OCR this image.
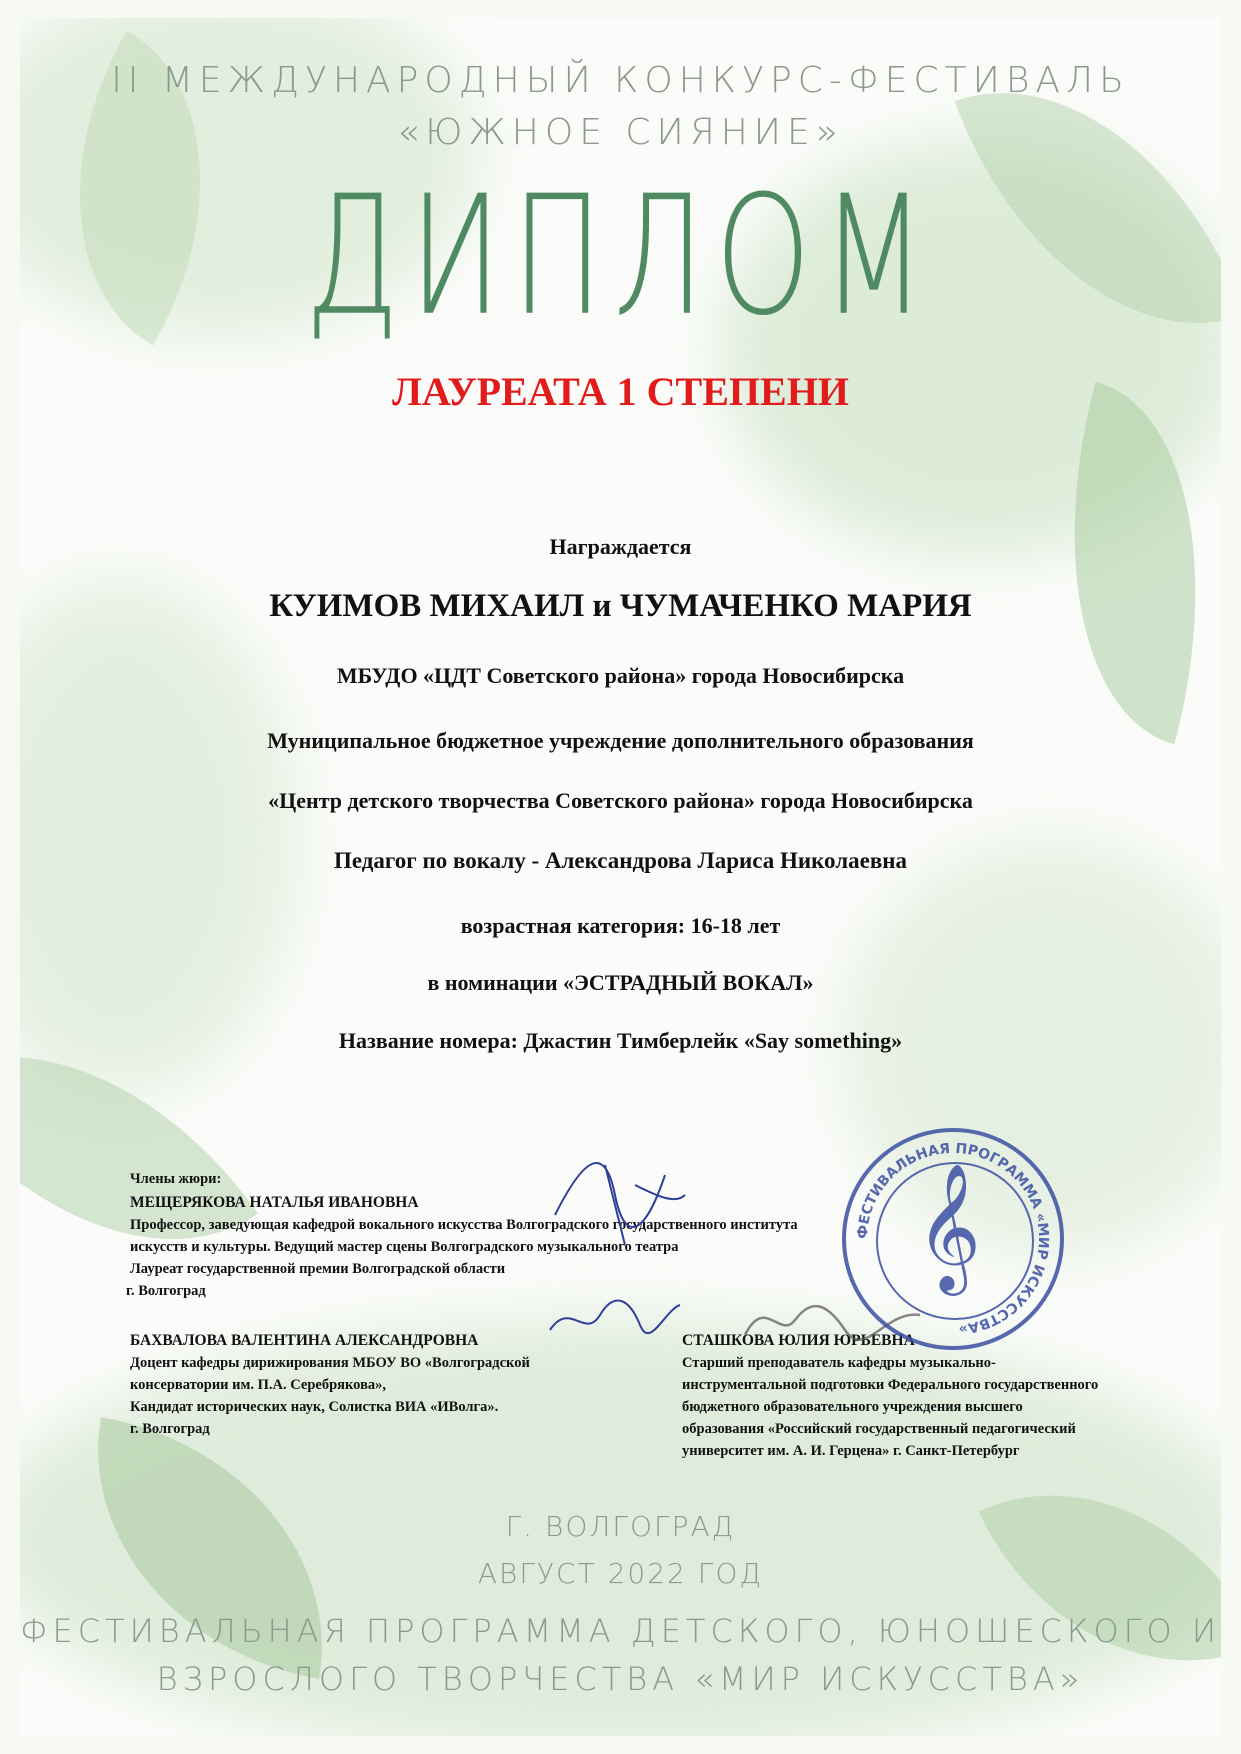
II МЕЖДУНАРОДНЫЙ КОНКУРС-ФЕСТИВАЛЬ
«ЮЖНОЕ СИЯНИЕ»
ДИПЛОМ
ЛАУРЕАТА 1 СТЕПЕНИ
Награждается
КУИМОВ МИХАИЛ и ЧУМАЧЕНКО МАРИЯ
МБУДО «ЦДТ Советского района» города Новосибирска
Муниципальное бюджетное учреждение дополнительного образования
«Центр детского творчества Советского района» города Новосибирска
Педагог по вокалу - Александрова Лариса Николаевна
возрастная категория: 16-18 лет
в номинации «ЭСТРАДНЫЙ ВОКАЛ»
Название номера: Джастин Тимберлейк «Say something»
Члены жюри:
МЕЩЕРЯКОВА НАТАЛЬЯ ИВАНОВНА
Профессор, заведующая кафедрой вокального искусства Волгоградского государственного института
искусств и культуры. Ведущий мастер сцены Волгоградского музыкального театра
Лауреат государственной премии Волгоградской области
г. Волгоград
БАХВАЛОВА ВАЛЕНТИНА АЛЕКСАНДРОВНА
Доцент кафедры дирижирования МБОУ ВО «Волгоградской
консерватории им. П.А. Серебрякова»,
Кандидат исторических наук, Солистка ВИА «ИВолга».
г. Волгоград
СТАШКОВА ЮЛИЯ ЮРЬЕВНА
Старший преподаватель кафедры музыкально-
инструментальной подготовки Федерального государственного
бюджетного образовательного учреждения высшего
образования «Российский государственный педагогический
университет им. А. И. Герцена» г. Санкт-Петербург
ФЕСТИВАЛЬНАЯ ПРОГРАММА «МИР ИСКУССТВА»
𝄞
Г. ВОЛГОГРАД
АВГУСТ 2022 ГОД
ФЕСТИВАЛЬНАЯ ПРОГРАММА ДЕТСКОГО, ЮНОШЕСКОГО И
ВЗРОСЛОГО ТВОРЧЕСТВА «МИР ИСКУССТВА»
